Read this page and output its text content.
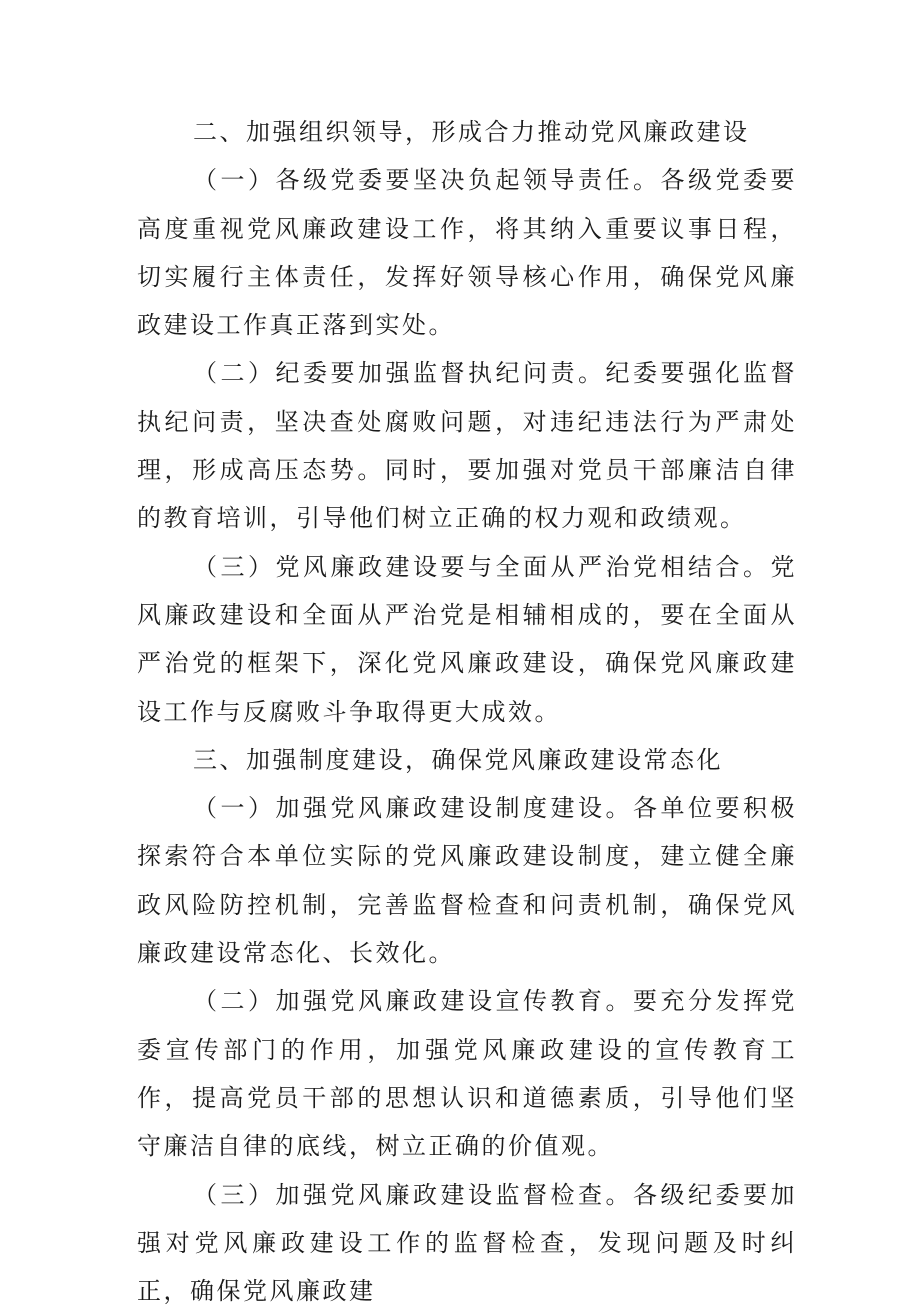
二、加强组织领导，形成合力推动党风廉政建设

（一）各级党委要坚决负起领导责任。各级党委要高度重视党风廉政建设工作，将其纳入重要议事日程，切实履行主体责任，发挥好领导核心作用，确保党风廉政建设工作真正落到实处。

（二）纪委要加强监督执纪问责。纪委要强化监督执纪问责，坚决查处腐败问题，对违纪违法行为严肃处理，形成高压态势。同时，要加强对党员干部廉洁自律的教育培训，引导他们树立正确的权力观和政绩观。

（三）党风廉政建设要与全面从严治党相结合。党风廉政建设和全面从严治党是相辅相成的，要在全面从严治党的框架下，深化党风廉政建设，确保党风廉政建设工作与反腐败斗争取得更大成效。

三、加强制度建设，确保党风廉政建设常态化

（一）加强党风廉政建设制度建设。各单位要积极探索符合本单位实际的党风廉政建设制度，建立健全廉政风险防控机制，完善监督检查和问责机制，确保党风廉政建设常态化、长效化。

（二）加强党风廉政建设宣传教育。要充分发挥党委宣传部门的作用，加强党风廉政建设的宣传教育工作，提高党员干部的思想认识和道德素质，引导他们坚守廉洁自律的底线，树立正确的价值观。

（三）加强党风廉政建设监督检查。各级纪委要加强对党风廉政建设工作的监督检查，发现问题及时纠正，确保党风廉政建
